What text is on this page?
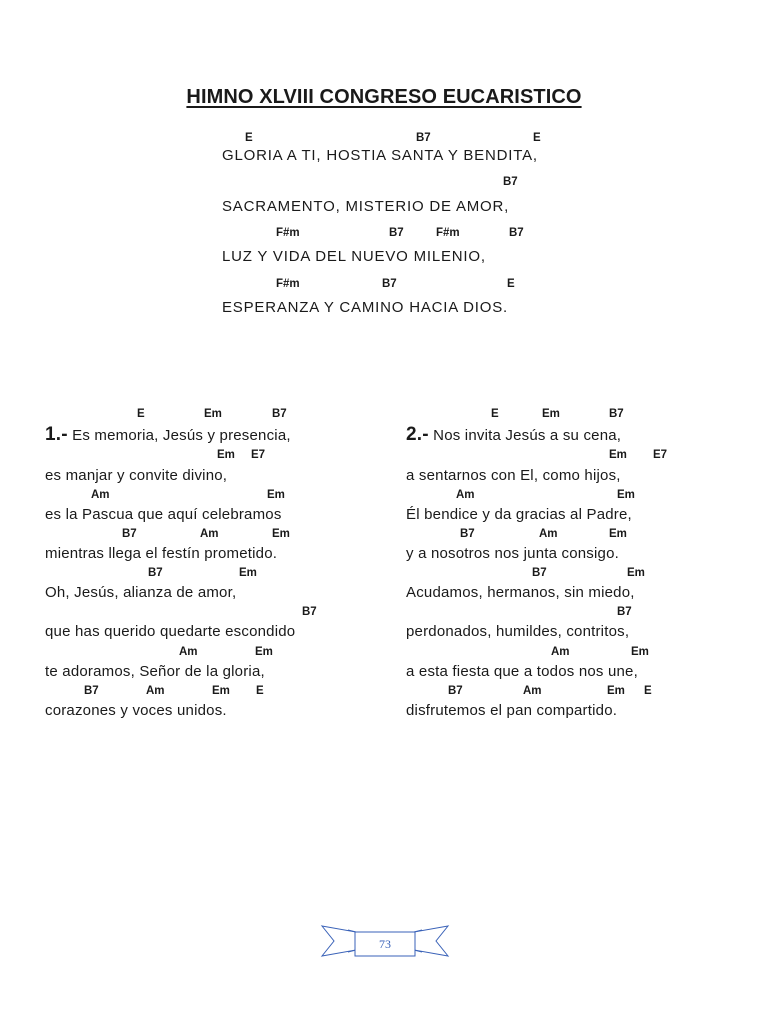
HIMNO XLVIII CONGRESO EUCARISTICO
E	B7	E
GLORIA A TI, HOSTIA SANTA Y BENDITA,
B7
SACRAMENTO, MISTERIO DE AMOR,
F#m	B7	F#m	B7
LUZ Y VIDA DEL NUEVO MILENIO,
F#m	B7	E
ESPERANZA Y CAMINO HACIA DIOS.
E	Em	B7
1.- Es memoria, Jesús y presencia,
Em E7
es manjar y convite divino,
Am	Em
es la Pascua que aquí celebramos
B7	Am	Em
mientras llega el festín prometido.
B7	Em
Oh, Jesús, alianza de amor,
B7
que has querido quedarte escondido
Am	Em
te adoramos, Señor de la gloria,
B7	Am	Em E
corazones y voces unidos.
E	Em	B7
2.- Nos invita Jesús a su cena,
Em E7
a sentarnos con El, como hijos,
Am	Em
Él bendice y da gracias al Padre,
B7	Am	Em
y a nosotros nos junta consigo.
B7	Em
Acudamos, hermanos, sin miedo,
B7
perdonados, humildes, contritos,
Am	Em
a esta fiesta que a todos nos une,
B7	Am	Em E
disfrutemos el pan compartido.
73
